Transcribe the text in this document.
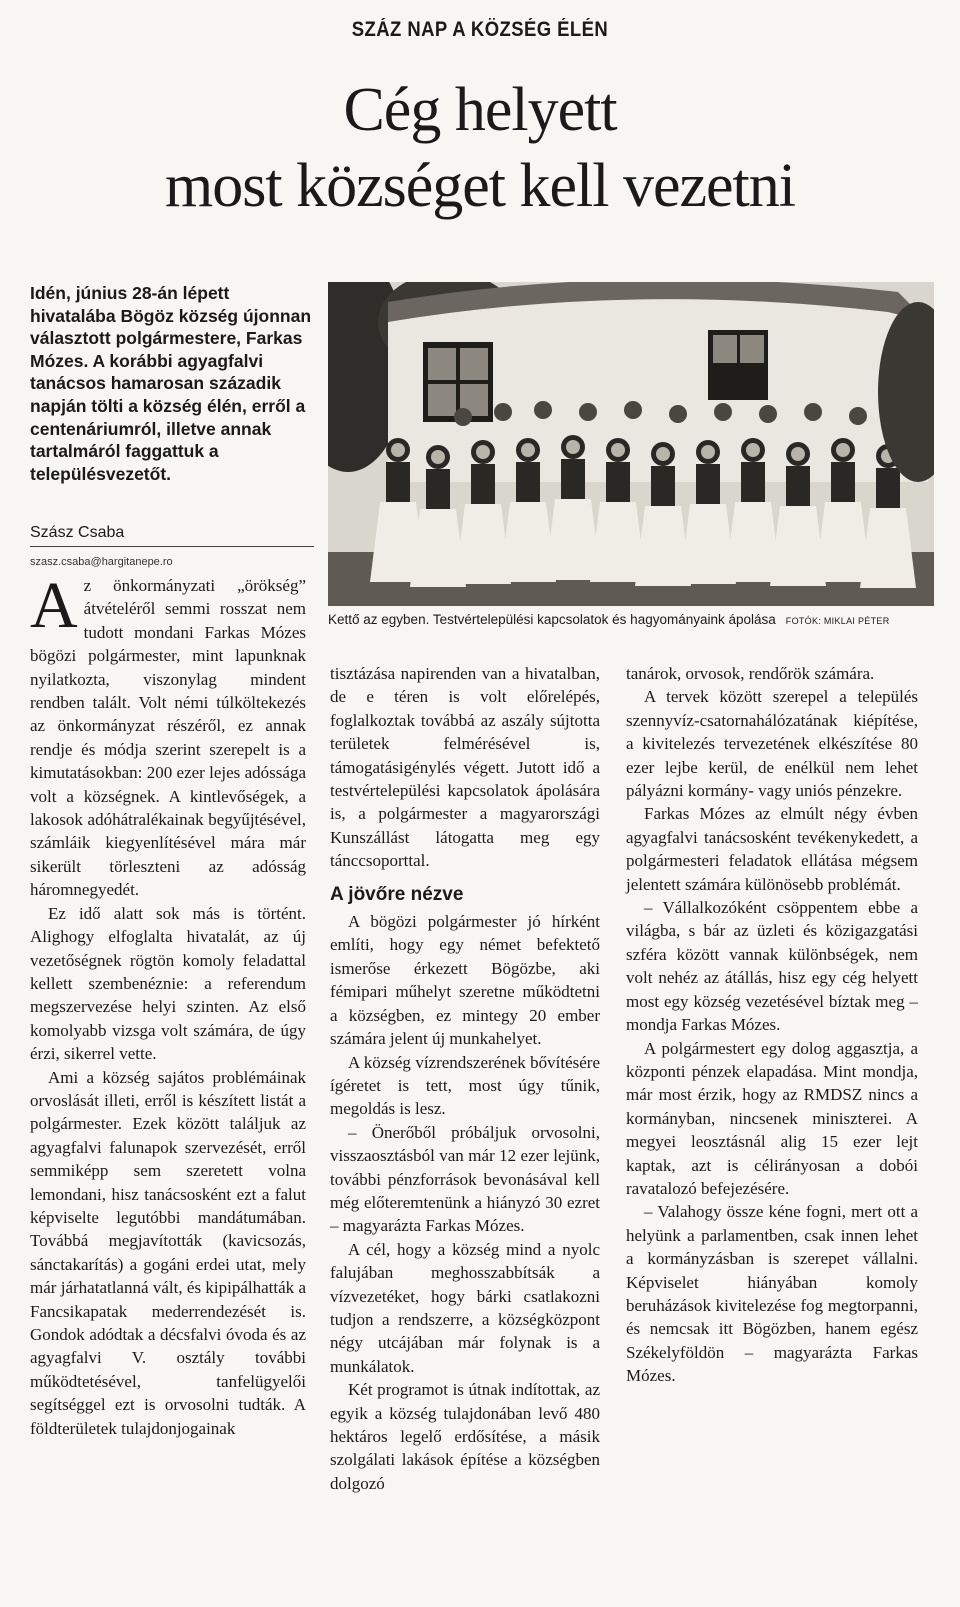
SZÁZ NAP A KÖZSÉG ÉLÉN
Cég helyett
most községet kell vezetni
Idén, június 28-án lépett hivatalába Bögöz község újonnan választott polgármestere, Farkas Mózes. A korábbi agyagfalvi tanácsos hamarosan századik napján tölti a község élén, erről a centenáriumról, illetve annak tartalmáról faggattuk a településvezetőt.
Szász Csaba
szasz.csaba@hargitanepe.ro
Kettő az egyben. Testvértelepülési kapcsolatok és hagyományaink ápolása FOTÓK: MIKLAI PÉTER

Az önkormányzati „örökség” átvételéről semmi rosszat nem tudott mondani Farkas Mózes bögözi polgármester, mint lapunknak nyilatkozta, viszonylag mindent rendben talált. Volt némi túlköltekezés az önkormányzat részéről, ez annak rendje és módja szerint szerepelt is a kimutatásokban: 200 ezer lejes adóssága volt a községnek. A kintlevőségek, a lakosok adóhátralékainak begyűjtésével, számláik kiegyenlítésével mára már sikerült törleszteni az adósság háromnegyedét.

Ez idő alatt sok más is történt. Alighogy elfoglalta hivatalát, az új vezetőségnek rögtön komoly feladattal kellett szembenéznie: a referendum megszervezése helyi szinten. Az első komolyabb vizsga volt számára, de úgy érzi, sikerrel vette.

Ami a község sajátos problémáinak orvoslását illeti, erről is készített listát a polgármester. Ezek között találjuk az agyagfalvi falunapok szervezését, erről semmiképp sem szeretett volna lemondani, hisz tanácsosként ezt a falut képviselte legutóbbi mandátumában. Továbbá megjavították (kavicsozás, sánctakarítás) a gogáni erdei utat, mely már járhatatlanná vált, és kipipálhatták a Fancsikapatak mederrendezését is. Gondok adódtak a décsfalvi óvoda és az agyagfalvi V. osztály további működtetésével, tanfelügyelői segítséggel ezt is orvosolni tudták. A földterületek tulajdonjogainak

tisztázása napirenden van a hivatalban, de e téren is volt előrelépés, foglalkoztak továbbá az aszály sújtotta területek felmérésével is, támogatásigénylés végett. Jutott idő a testvértelepülési kapcsolatok ápolására is, a polgármester a magyarországi Kunszállást látogatta meg egy tánccsoporttal.

A jövőre nézve

A bögözi polgármester jó hírként említi, hogy egy német befektető ismerőse érkezett Bögözbe, aki fémipari műhelyt szeretne működtetni a községben, ez mintegy 20 ember számára jelent új munkahelyet.

A község vízrendszerének bővítésére ígéretet is tett, most úgy tűnik, megoldás is lesz.

– Önerőből próbáljuk orvosolni, visszaosztásból van már 12 ezer lejünk, további pénzforrások bevonásával kell még előteremtenünk a hiányzó 30 ezret – magyarázta Farkas Mózes.

A cél, hogy a község mind a nyolc falujában meghosszabbítsák a vízvezetéket, hogy bárki csatlakozni tudjon a rendszerre, a községközpont négy utcájában már folynak is a munkálatok.

Két programot is útnak indítottak, az egyik a község tulajdonában levő 480 hektáros legelő erdősítése, a másik szolgálati lakások építése a községben dolgozó

tanárok, orvosok, rendőrök számára.

A tervek között szerepel a település szennyvíz-csatornahálózatának kiépítése, a kivitelezés tervezetének elkészítése 80 ezer lejbe kerül, de enélkül nem lehet pályázni kormány- vagy uniós pénzekre.

Farkas Mózes az elmúlt négy évben agyagfalvi tanácsosként tevékenykedett, a polgármesteri feladatok ellátása mégsem jelentett számára különösebb problémát.

– Vállalkozóként csöppentem ebbe a világba, s bár az üzleti és közigazgatási szféra között vannak különbségek, nem volt nehéz az átállás, hisz egy cég helyett most egy község vezetésével bíztak meg – mondja Farkas Mózes.

A polgármestert egy dolog aggasztja, a központi pénzek elapadása. Mint mondja, már most érzik, hogy az RMDSZ nincs a kormányban, nincsenek miniszterei. A megyei leosztásnál alig 15 ezer lejt kaptak, azt is célirányosan a dobói ravatalozó befejezésére.

– Valahogy össze kéne fogni, mert ott a helyünk a parlamentben, csak innen lehet a kormányzásban is szerepet vállalni. Képviselet hiányában komoly beruházások kivitelezése fog megtorpanni, és nemcsak itt Bögözben, hanem egész Székelyföldön – magyarázta Farkas Mózes.
